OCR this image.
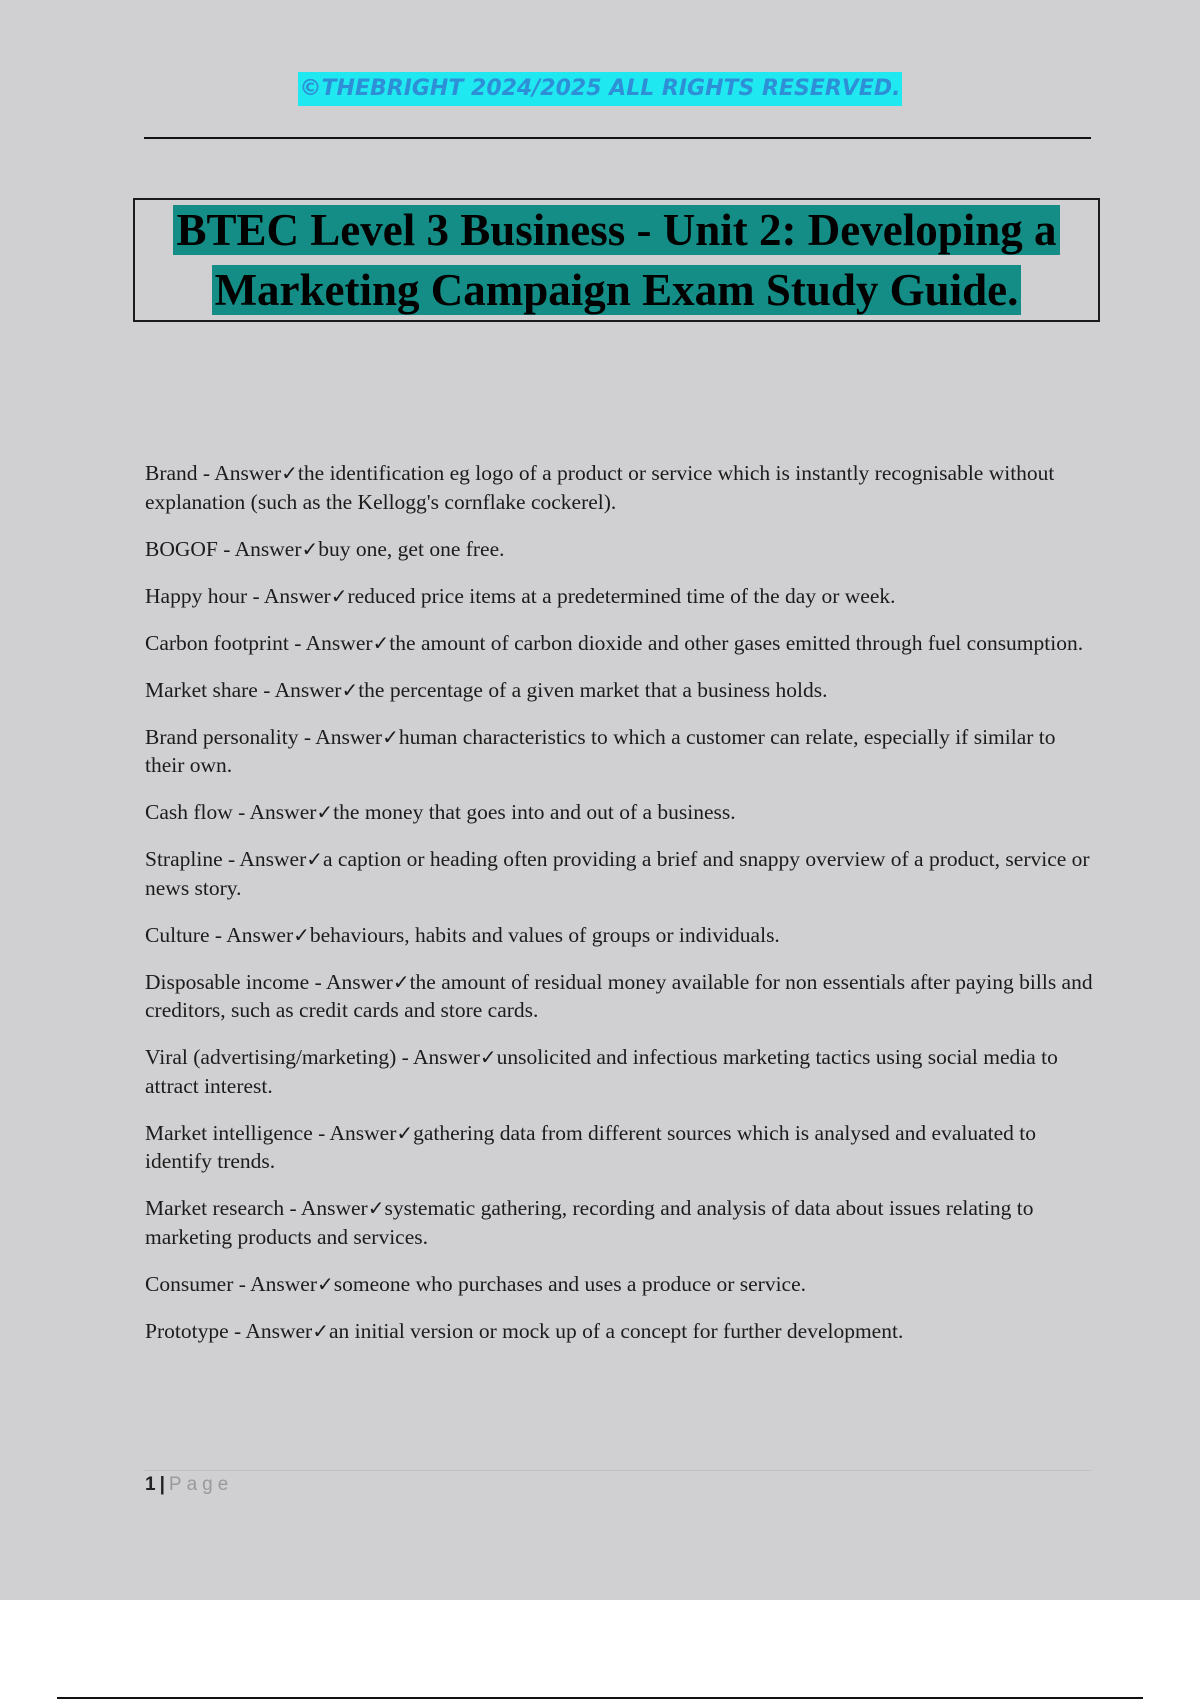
©THEBRIGHT 2024/2025 ALL RIGHTS RESERVED.
BTEC Level 3 Business - Unit 2: Developing a Marketing Campaign Exam Study Guide.

Brand - Answer✓the identification eg logo of a product or service which is instantly recognisable without explanation (such as the Kellogg's cornflake cockerel).

BOGOF - Answer✓buy one, get one free.

Happy hour - Answer✓reduced price items at a predetermined time of the day or week.

Carbon footprint - Answer✓the amount of carbon dioxide and other gases emitted through fuel consumption.

Market share - Answer✓the percentage of a given market that a business holds.

Brand personality - Answer✓human characteristics to which a customer can relate, especially if similar to their own.

Cash flow - Answer✓the money that goes into and out of a business.

Strapline - Answer✓a caption or heading often providing a brief and snappy overview of a product, service or news story.

Culture - Answer✓behaviours, habits and values of groups or individuals.

Disposable income - Answer✓the amount of residual money available for non essentials after paying bills and creditors, such as credit cards and store cards.

Viral (advertising/marketing) - Answer✓unsolicited and infectious marketing tactics using social media to attract interest.

Market intelligence - Answer✓gathering data from different sources which is analysed and evaluated to identify trends.

Market research - Answer✓systematic gathering, recording and analysis of data about issues relating to marketing products and services.

Consumer - Answer✓someone who purchases and uses a produce or service.

Prototype - Answer✓an initial version or mock up of a concept for further development.

1 | Page
